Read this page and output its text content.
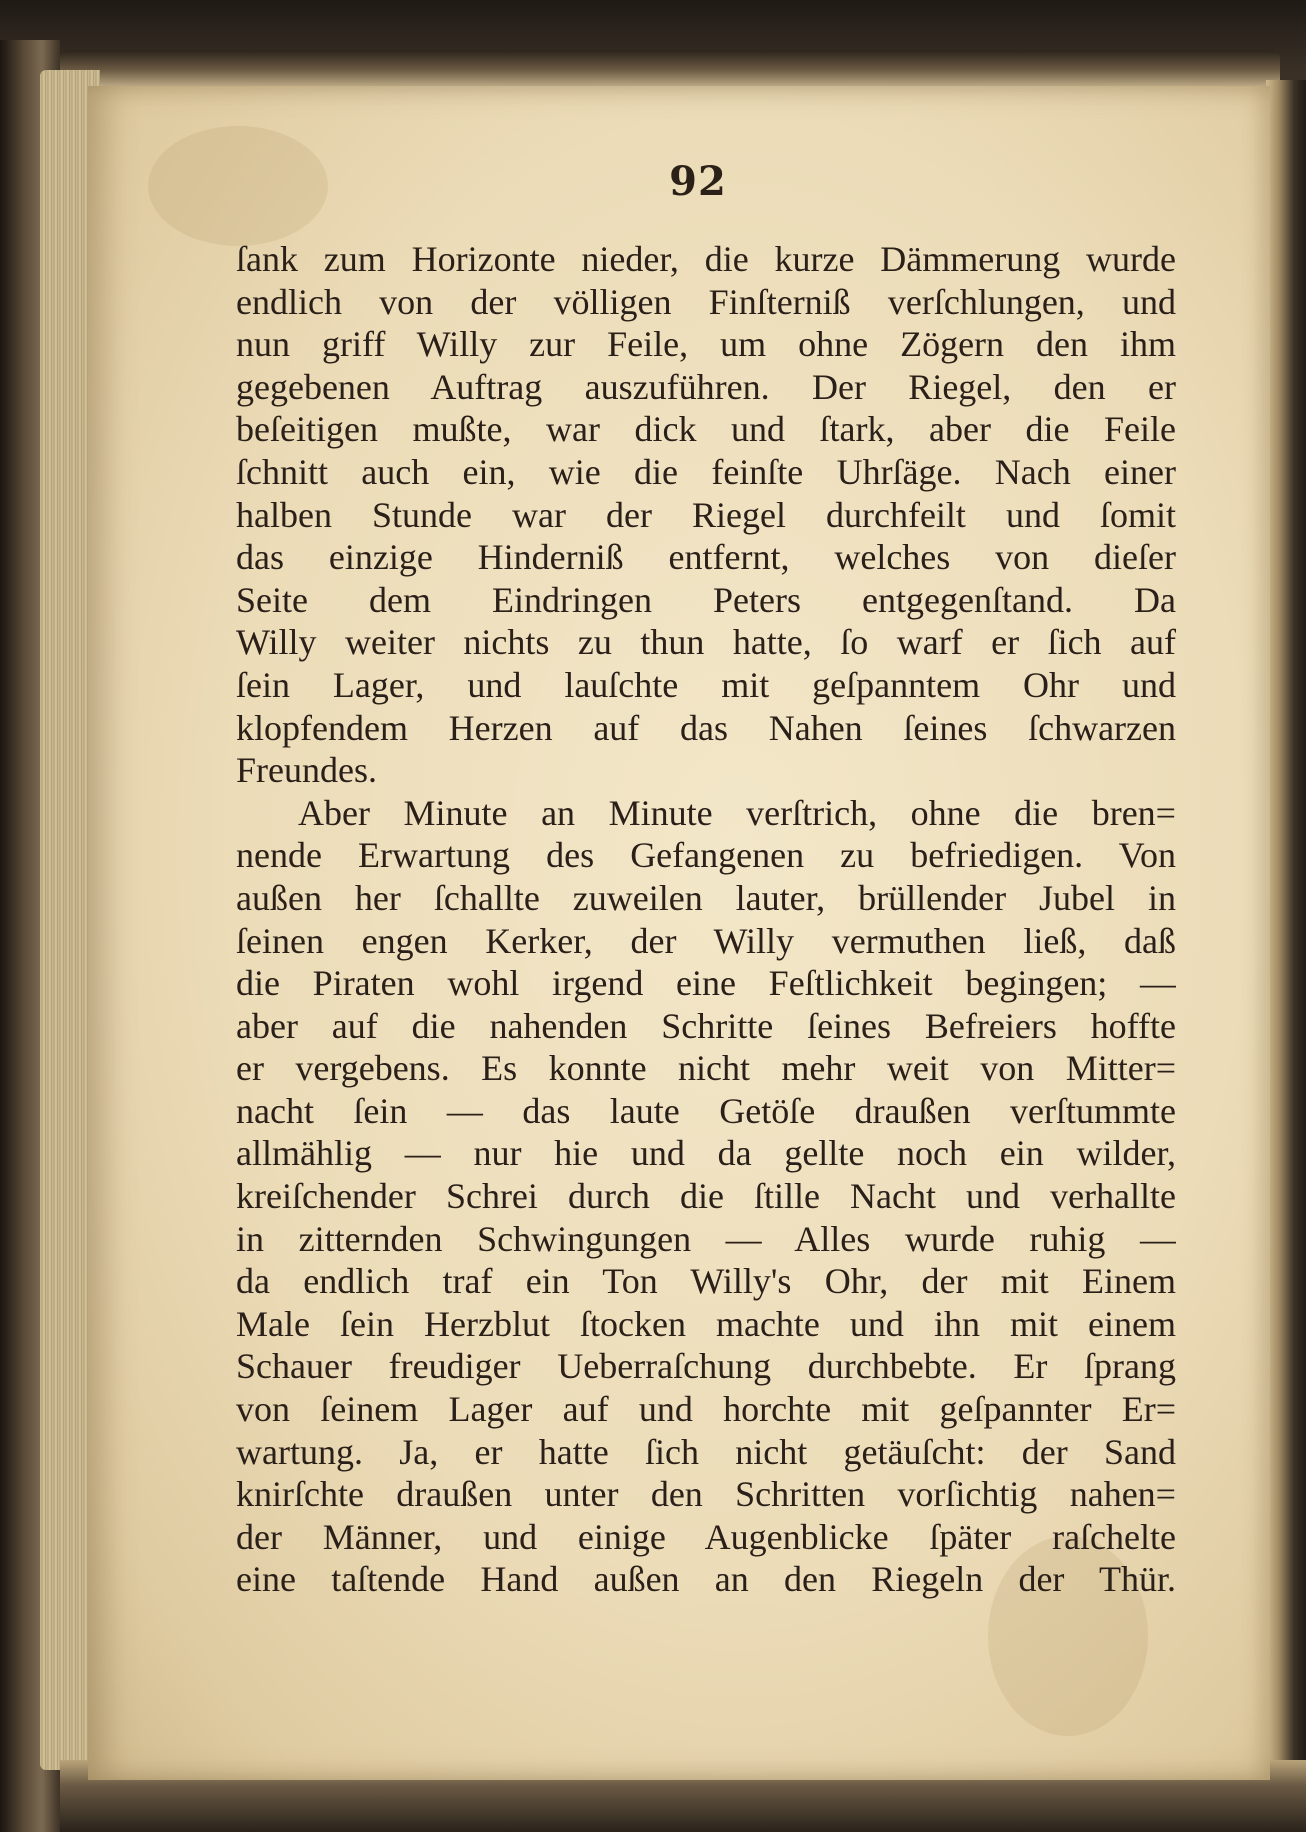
92
ſank zum Horizonte nieder, die kurze Dämmerung wurde
endlich von der völligen Finſterniß verſchlungen, und
nun griff Willy zur Feile, um ohne Zögern den ihm
gegebenen Auftrag auszuführen. Der Riegel, den er
beſeitigen mußte, war dick und ſtark, aber die Feile
ſchnitt auch ein, wie die feinſte Uhrſäge. Nach einer
halben Stunde war der Riegel durchfeilt und ſomit
das einzige Hinderniß entfernt, welches von dieſer
Seite dem Eindringen Peters entgegenſtand. Da
Willy weiter nichts zu thun hatte, ſo warf er ſich auf
ſein Lager, und lauſchte mit geſpanntem Ohr und
klopfendem Herzen auf das Nahen ſeines ſchwarzen
Freundes.
Aber Minute an Minute verſtrich, ohne die bren=
nende Erwartung des Gefangenen zu befriedigen. Von
außen her ſchallte zuweilen lauter, brüllender Jubel in
ſeinen engen Kerker, der Willy vermuthen ließ, daß
die Piraten wohl irgend eine Feſtlichkeit begingen; —
aber auf die nahenden Schritte ſeines Befreiers hoffte
er vergebens. Es konnte nicht mehr weit von Mitter=
nacht ſein — das laute Getöſe draußen verſtummte
allmählig — nur hie und da gellte noch ein wilder,
kreiſchender Schrei durch die ſtille Nacht und verhallte
in zitternden Schwingungen — Alles wurde ruhig —
da endlich traf ein Ton Willy's Ohr, der mit Einem
Male ſein Herzblut ſtocken machte und ihn mit einem
Schauer freudiger Ueberraſchung durchbebte. Er ſprang
von ſeinem Lager auf und horchte mit geſpannter Er=
wartung. Ja, er hatte ſich nicht getäuſcht: der Sand
knirſchte draußen unter den Schritten vorſichtig nahen=
der Männer, und einige Augenblicke ſpäter raſchelte
eine taſtende Hand außen an den Riegeln der Thür.
